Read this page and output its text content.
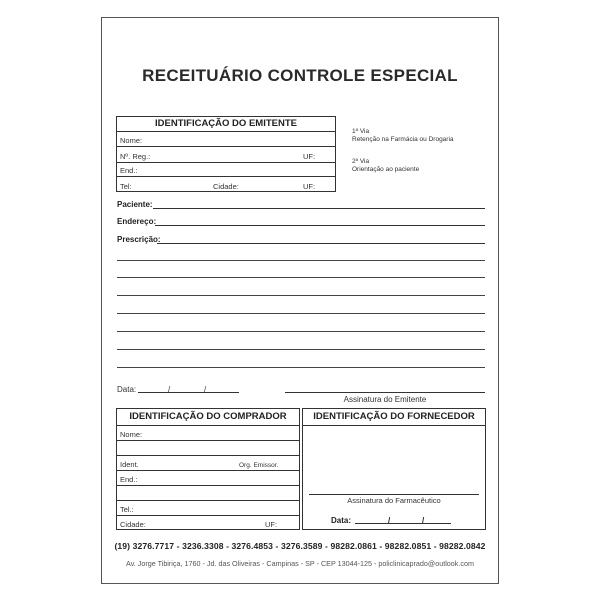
RECEITUÁRIO CONTROLE ESPECIAL
IDENTIFICAÇÃO DO EMITENTE
Nome:
Nº. Reg.:	UF:
End.:
Tel:	Cidade:	UF:
1ª Via
Retenção na Farmácia ou Drogaria
2ª Via
Orientação ao paciente
Paciente:
Endereço:
Prescrição:
Data:	/	/
Assinatura do Emitente
IDENTIFICAÇÃO DO COMPRADOR
Nome:
Ident.	Org. Emissor.
End.:
Tel.:
Cidade:	UF:
IDENTIFICAÇÃO DO FORNECEDOR
Assinatura do Farmacêutico
Data:	/	/
(19) 3276.7717 - 3236.3308 - 3276.4853 - 3276.3589 - 98282.0861 - 98282.0851 - 98282.0842
Av. Jorge Tibiriça, 1760 - Jd. das Oliveiras - Campinas - SP - CEP 13044-125 - policlinicaprado@outlook.com
